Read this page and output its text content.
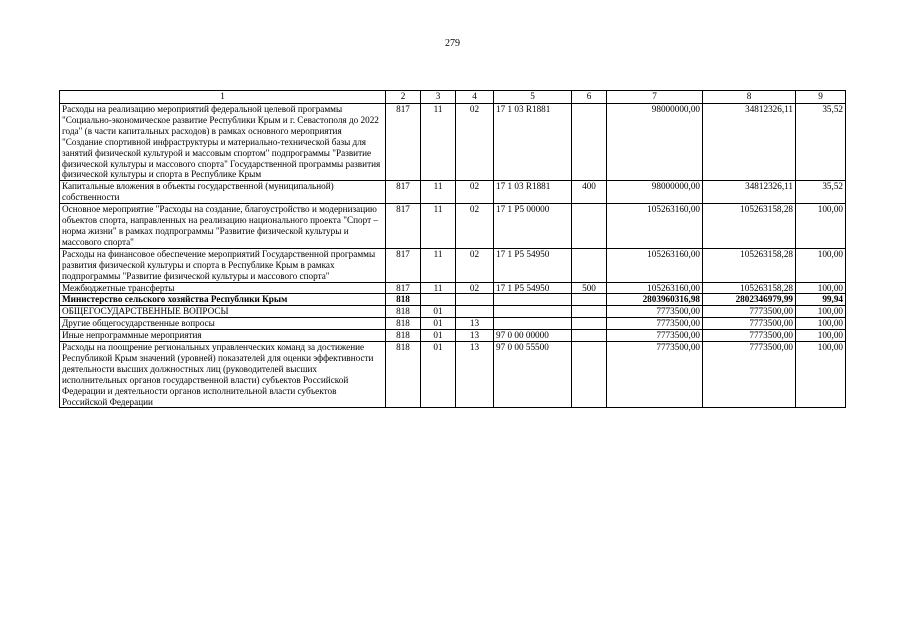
279
1	2	3	4	5	6	7	8	9
Расходы на реализацию мероприятий федеральной целевой программы "Социально-экономическое развитие Республики Крым и г. Севастополя до 2022 года" (в части капитальных расходов) в рамках основного мероприятия "Создание спортивной инфраструктуры и материально-технической базы для занятий физической культурой и массовым спортом" подпрограммы "Развитие физической культуры и массового спорта" Государственной программы развития физической культуры и спорта в Республике Крым	817	11	02	17 1 03 R1881		98000000,00	34812326,11	35,52
Капитальные вложения в объекты государственной (муниципальной) собственности	817	11	02	17 1 03 R1881	400	98000000,00	34812326,11	35,52
Основное мероприятие "Расходы на создание, благоустройство и модернизацию объектов спорта, направленных на реализацию национального проекта "Спорт – норма жизни" в рамках подпрограммы "Развитие физической культуры и массового спорта"	817	11	02	17 1 P5 00000		105263160,00	105263158,28	100,00
Расходы на финансовое обеспечение мероприятий Государственной программы развития физической культуры и спорта в Республике Крым в рамках подпрограммы "Развитие физической культуры и массового спорта"	817	11	02	17 1 P5 54950		105263160,00	105263158,28	100,00
Межбюджетные трансферты	817	11	02	17 1 P5 54950	500	105263160,00	105263158,28	100,00
Министерство сельского хозяйства Республики Крым	818					2803960316,98	2802346979,99	99,94
ОБЩЕГОСУДАРСТВЕННЫЕ ВОПРОСЫ	818	01				7773500,00	7773500,00	100,00
Другие общегосударственные вопросы	818	01	13			7773500,00	7773500,00	100,00
Иные непрограммные мероприятия	818	01	13	97 0 00 00000		7773500,00	7773500,00	100,00
Расходы на поощрение региональных управленческих команд за достижение Республикой Крым значений (уровней) показателей для оценки эффективности деятельности высших должностных лиц (руководителей высших исполнительных органов государственной власти) субъектов Российской Федерации и деятельности органов исполнительной власти субъектов Российской Федерации	818	01	13	97 0 00 55500		7773500,00	7773500,00	100,00
